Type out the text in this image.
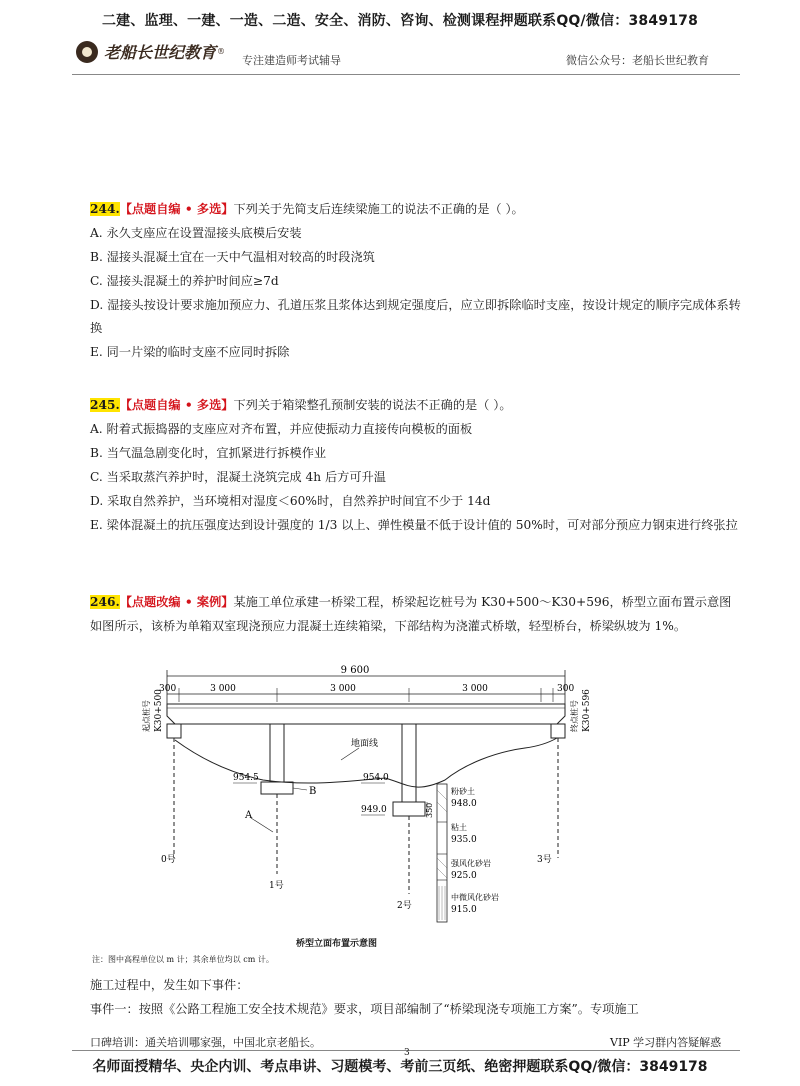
二建、监理、一建、一造、二造、安全、消防、咨询、检测课程押题联系QQ/微信：3849178
老船长世纪教育 ®
专注建造师考试辅导	微信公众号：老船长世纪教育
244.【点题自编 • 多选】下列关于先简支后连续梁施工的说法不正确的是（ ）。
A. 永久支座应在设置湿接头底模后安装
B. 湿接头混凝土宜在一天中气温相对较高的时段浇筑
C. 湿接头混凝土的养护时间应≥7d
D. 湿接头按设计要求施加预应力、孔道压浆且浆体达到规定强度后，应立即拆除临时支座，按设计规定的顺序完成体系转换
E. 同一片梁的临时支座不应同时拆除
245.【点题自编 • 多选】下列关于箱梁整孔预制安装的说法不正确的是（ ）。
A. 附着式振捣器的支座应对齐布置，并应使振动力直接传向模板的面板
B. 当气温急剧变化时，宜抓紧进行拆模作业
C. 当采取蒸汽养护时，混凝土浇筑完成 4h 后方可升温
D. 采取自然养护，当环境相对湿度＜60%时，自然养护时间宜不少于 14d
E. 梁体混凝土的抗压强度达到设计强度的 1/3 以上、弹性模量不低于设计值的 50%时，可对部分预应力钢束进行终张拉
246.【点题改编 • 案例】某施工单位承建一桥梁工程，桥梁起讫桩号为 K30+500～K30+596，桥型立面布置示意图如图所示，该桥为单箱双室现浇预应力混凝土连续箱梁，下部结构为浇灌式桥墩，轻型桥台，桥梁纵坡为 1%。
9 600
300	3 000	3 000	3 000	300
起点桩号 K30+500	终点桩号 K30+596
地面线
954.5	954.0
949.0
A
B
350
粉砂土
948.0
粘土
935.0
强风化砂岩
925.0
中微风化砂岩
915.0
0号
1号
2号
3号
桥型立面布置示意图
注：图中高程单位以 m 计；其余单位均以 cm 计。
施工过程中，发生如下事件：
事件一：按照《公路工程施工安全技术规范》要求，项目部编制了“桥梁现浇专项施工方案”。专项施工
口碑培训：通关培训哪家强，中国北京老船长。	VIP 学习群内答疑解惑
3
名师面授精华、央企内训、考点串讲、习题模考、考前三页纸、绝密押题联系QQ/微信：3849178
